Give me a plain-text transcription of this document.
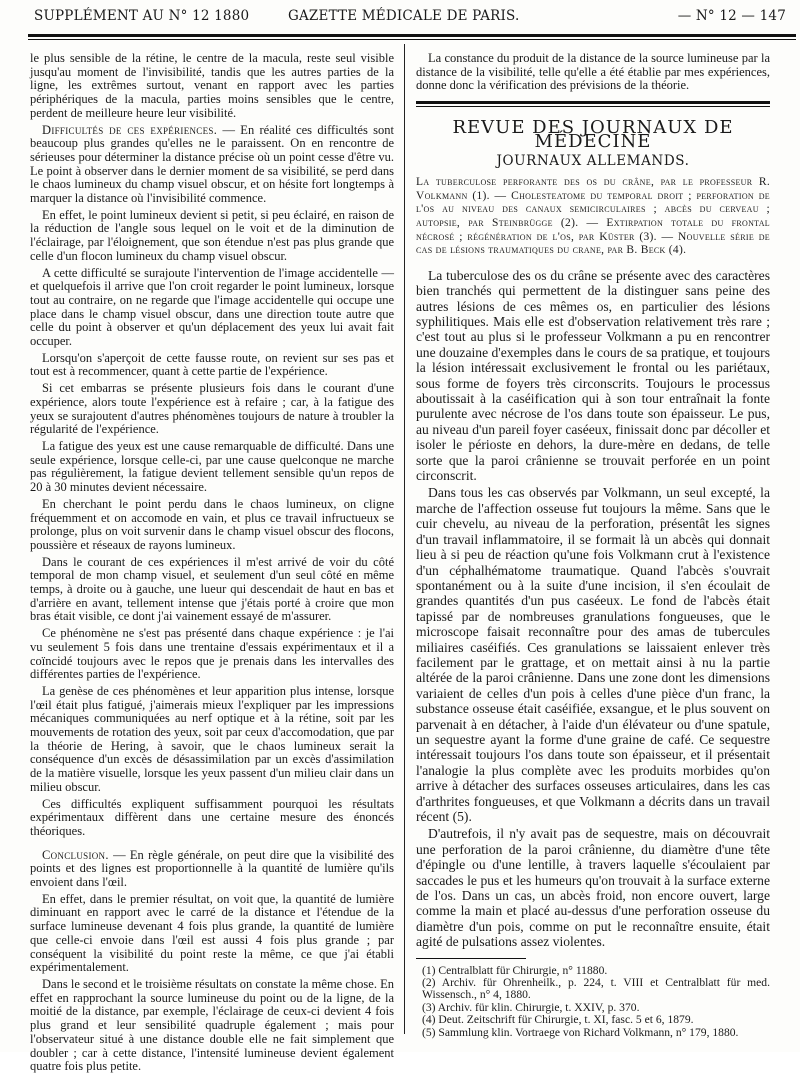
SUPPLÉMENT AU N° 12 1880	GAZETTE MÉDICALE DE PARIS.	— N° 12 — 147

le plus sensible de la rétine, le centre de la macula, reste seul visible jusqu'au moment de l'invisibilité, tandis que les autres parties de la ligne, les extrêmes surtout, venant en rapport avec les parties périphériques de la macula, parties moins sensibles que le centre, perdent de meilleure heure leur visibilité.

Difficultés de ces expériences. — En réalité ces difficultés sont beaucoup plus grandes qu'elles ne le paraissent. On en rencontre de sérieuses pour déterminer la distance précise où un point cesse d'être vu. Le point à observer dans le dernier moment de sa visibilité, se perd dans le chaos lumineux du champ visuel obscur, et on hésite fort longtemps à marquer la distance où l'invisibilité commence.

En effet, le point lumineux devient si petit, si peu éclairé, en raison de la réduction de l'angle sous lequel on le voit et de la diminution de l'éclairage, par l'éloignement, que son étendue n'est pas plus grande que celle d'un flocon lumineux du champ visuel obscur.

A cette difficulté se surajoute l'intervention de l'image accidentelle — et quelquefois il arrive que l'on croit regarder le point lumineux, lorsque tout au contraire, on ne regarde que l'image accidentelle qui occupe une place dans le champ visuel obscur, dans une direction toute autre que celle du point à observer et qu'un déplacement des yeux lui avait fait occuper.

Lorsqu'on s'aperçoit de cette fausse route, on revient sur ses pas et tout est à recommencer, quant à cette partie de l'expérience.

Si cet embarras se présente plusieurs fois dans le courant d'une expérience, alors toute l'expérience est à refaire ; car, à la fatigue des yeux se surajoutent d'autres phénomènes toujours de nature à troubler la régularité de l'expérience.

La fatigue des yeux est une cause remarquable de difficulté. Dans une seule expérience, lorsque celle-ci, par une cause quelconque ne marche pas régulièrement, la fatigue devient tellement sensible qu'un repos de 20 à 30 minutes devient nécessaire.

En cherchant le point perdu dans le chaos lumineux, on cligne fréquemment et on accomode en vain, et plus ce travail infructueux se prolonge, plus on voit survenir dans le champ visuel obscur des flocons, poussière et réseaux de rayons lumineux.

Dans le courant de ces expériences il m'est arrivé de voir du côté temporal de mon champ visuel, et seulement d'un seul côté en même temps, à droite ou à gauche, une lueur qui descendait de haut en bas et d'arrière en avant, tellement intense que j'étais porté à croire que mon bras était visible, ce dont j'ai vainement essayé de m'assurer.

Ce phénomène ne s'est pas présenté dans chaque expérience : je l'ai vu seulement 5 fois dans une trentaine d'essais expérimentaux et il a coïncidé toujours avec le repos que je prenais dans les intervalles des différentes parties de l'expérience.

La genèse de ces phénomènes et leur apparition plus intense, lorsque l'œil était plus fatigué, j'aimerais mieux l'expliquer par les impressions mécaniques communiquées au nerf optique et à la rétine, soit par les mouvements de rotation des yeux, soit par ceux d'accomodation, que par la théorie de Hering, à savoir, que le chaos lumineux serait la conséquence d'un excès de désassimilation par un excès d'assimilation de la matière visuelle, lorsque les yeux passent d'un milieu clair dans un milieu obscur.

Ces difficultés expliquent suffisamment pourquoi les résultats expérimentaux diffèrent dans une certaine mesure des énoncés théoriques.

Conclusion. — En règle générale, on peut dire que la visibilité des points et des lignes est proportionnelle à la quantité de lumière qu'ils envoient dans l'œil.

En effet, dans le premier résultat, on voit que, la quantité de lumière diminuant en rapport avec le carré de la distance et l'étendue de la surface lumineuse devenant 4 fois plus grande, la quantité de lumière que celle-ci envoie dans l'œil est aussi 4 fois plus grande ; par conséquent la visibilité du point reste la même, ce que j'ai établi expérimentalement.

Dans le second et le troisième résultats on constate la même chose. En effet en rapprochant la source lumineuse du point ou de la ligne, de la moitié de la distance, par exemple, l'éclairage de ceux-ci devient 4 fois plus grand et leur sensibilité quadruple également ; mais pour l'observateur situé à une distance double elle ne fait simplement que doubler ; car à cette distance, l'intensité lumineuse devient également quatre fois plus petite.

La constance du produit de la distance de la source lumineuse par la distance de la visibilité, telle qu'elle a été établie par mes expériences, donne donc la vérification des prévisions de la théorie.

REVUE DES JOURNAUX DE MÉDECINE
JOURNAUX ALLEMANDS.
La tuberculose perforante des os du crâne, par le professeur R. Volkmann (1). — Cholesteatome du temporal droit ; perforation de l'os au niveau des canaux semicirculaires ; abcès du cerveau ; autopsie, par Steinbrügge (2). — Extirpation totale du frontal nécrosé ; régénération de l'os, par Küster (3). — Nouvelle série de cas de lésions traumatiques du crane, par B. Beck (4).

La tuberculose des os du crâne se présente avec des caractères bien tranchés qui permettent de la distinguer sans peine des autres lésions de ces mêmes os, en particulier des lésions syphilitiques. Mais elle est d'observation relativement très rare ; c'est tout au plus si le professeur Volkmann a pu en rencontrer une douzaine d'exemples dans le cours de sa pratique, et toujours la lésion intéressait exclusivement le frontal ou les pariétaux, sous forme de foyers très circonscrits. Toujours le processus aboutissait à la caséification qui à son tour entraînait la fonte purulente avec nécrose de l'os dans toute son épaisseur. Le pus, au niveau d'un pareil foyer caséeux, finissait donc par décoller et isoler le périoste en dehors, la dure-mère en dedans, de telle sorte que la paroi crânienne se trouvait perforée en un point circonscrit.

Dans tous les cas observés par Volkmann, un seul excepté, la marche de l'affection osseuse fut toujours la même. Sans que le cuir chevelu, au niveau de la perforation, présentât les signes d'un travail inflammatoire, il se formait là un abcès qui donnait lieu à si peu de réaction qu'une fois Volkmann crut à l'existence d'un céphalhématome traumatique. Quand l'abcès s'ouvrait spontanément ou à la suite d'une incision, il s'en écoulait de grandes quantités d'un pus caséeux. Le fond de l'abcès était tapissé par de nombreuses granulations fongueuses, que le microscope faisait reconnaître pour des amas de tubercules miliaires caséifiés. Ces granulations se laissaient enlever très facilement par le grattage, et on mettait ainsi à nu la partie altérée de la paroi crânienne. Dans une zone dont les dimensions variaient de celles d'un pois à celles d'une pièce d'un franc, la substance osseuse était caséifiée, exsangue, et le plus souvent on parvenait à en détacher, à l'aide d'un élévateur ou d'une spatule, un sequestre ayant la forme d'une graine de café. Ce sequestre intéressait toujours l'os dans toute son épaisseur, et il présentait l'analogie la plus complète avec les produits morbides qu'on arrive à détacher des surfaces osseuses articulaires, dans les cas d'arthrites fongueuses, et que Volkmann a décrits dans un travail récent (5).

D'autrefois, il n'y avait pas de sequestre, mais on découvrait une perforation de la paroi crânienne, du diamètre d'une tête d'épingle ou d'une lentille, à travers laquelle s'écoulaient par saccades le pus et les humeurs qu'on trouvait à la surface externe de l'os. Dans un cas, un abcès froid, non encore ouvert, large comme la main et placé au-dessus d'une perforation osseuse du diamètre d'un pois, comme on put le reconnaître ensuite, était agité de pulsations assez violentes.

(1) Centralblatt für Chirurgie, n° 11880.

(2) Archiv. für Ohrenheilk., p. 224, t. VIII et Centralblatt für med. Wissensch., n° 4, 1880.

(3) Archiv. für klin. Chirurgie, t. XXIV, p. 370.

(4) Deut. Zeitschrift für Chirurgie, t. XI, fasc. 5 et 6, 1879.

(5) Sammlung klin. Vortraege von Richard Volkmann, n° 179, 1880.
